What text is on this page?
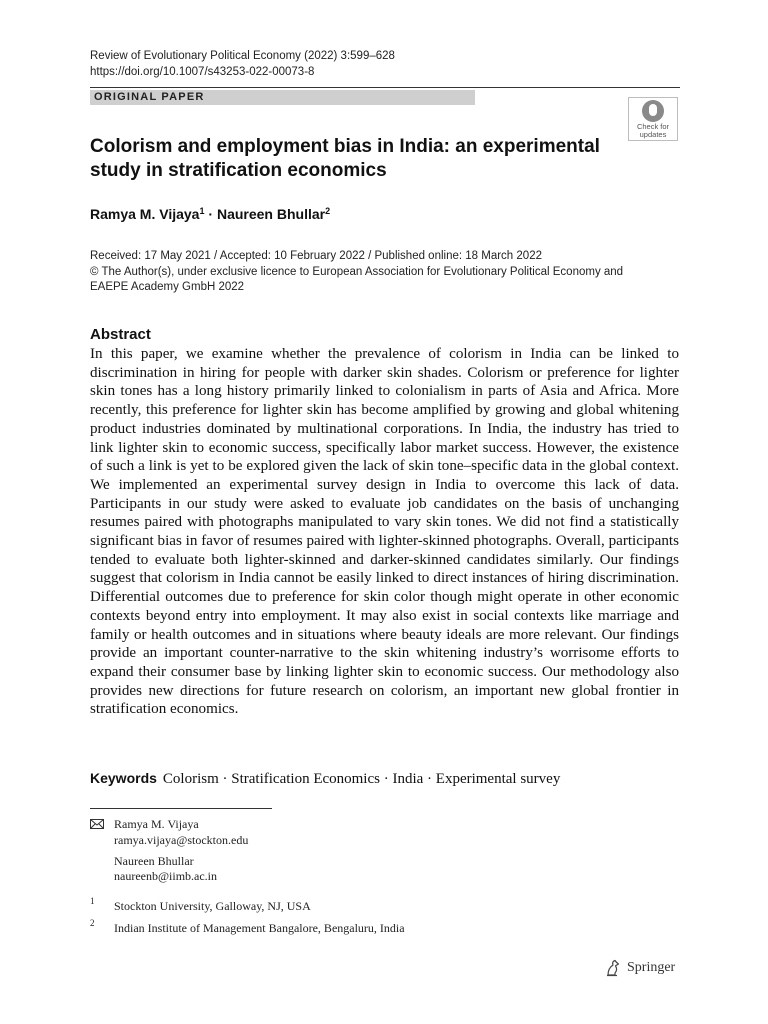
Review of Evolutionary Political Economy (2022) 3:599–628
https://doi.org/10.1007/s43253-022-00073-8
ORIGINAL PAPER
Check for
updates
Colorism and employment bias in India: an experimental study in stratification economics
Ramya M. Vijaya$^1$ · Naureen Bhullar$^2$
Received: 17 May 2021 / Accepted: 10 February 2022 / Published online: 18 March 2022
© The Author(s), under exclusive licence to European Association for Evolutionary Political Economy and EAEPE Academy GmbH 2022
Abstract
In this paper, we examine whether the prevalence of colorism in India can be linked to discrimination in hiring for people with darker skin shades. Colorism or preference for lighter skin tones has a long history primarily linked to colonialism in parts of Asia and Africa. More recently, this preference for lighter skin has become amplified by growing and global whitening product industries dominated by multinational corporations. In India, the industry has tried to link lighter skin to economic success, specifically labor market success. However, the existence of such a link is yet to be explored given the lack of skin tone–specific data in the global context. We implemented an experimental survey design in India to overcome this lack of data. Participants in our study were asked to evaluate job candidates on the basis of unchanging resumes paired with photographs manipulated to vary skin tones. We did not find a statistically significant bias in favor of resumes paired with lighter-skinned photographs. Overall, participants tended to evaluate both lighter-skinned and darker-skinned candidates similarly. Our findings suggest that colorism in India cannot be easily linked to direct instances of hiring discrimination. Differential outcomes due to preference for skin color though might operate in other economic contexts beyond entry into employment. It may also exist in social contexts like marriage and family or health outcomes and in situations where beauty ideals are more relevant. Our findings provide an important counter-narrative to the skin whitening industry’s worrisome efforts to expand their consumer base by linking lighter skin to economic success. Our methodology also provides new directions for future research on colorism, an important new global frontier in stratification economics.
Keywords Colorism · Stratification Economics · India · Experimental survey
Ramya M. Vijaya
ramya.vijaya@stockton.edu
Naureen Bhullar
naureenb@iimb.ac.in
1 Stockton University, Galloway, NJ, USA
2 Indian Institute of Management Bangalore, Bengaluru, India
Springer
